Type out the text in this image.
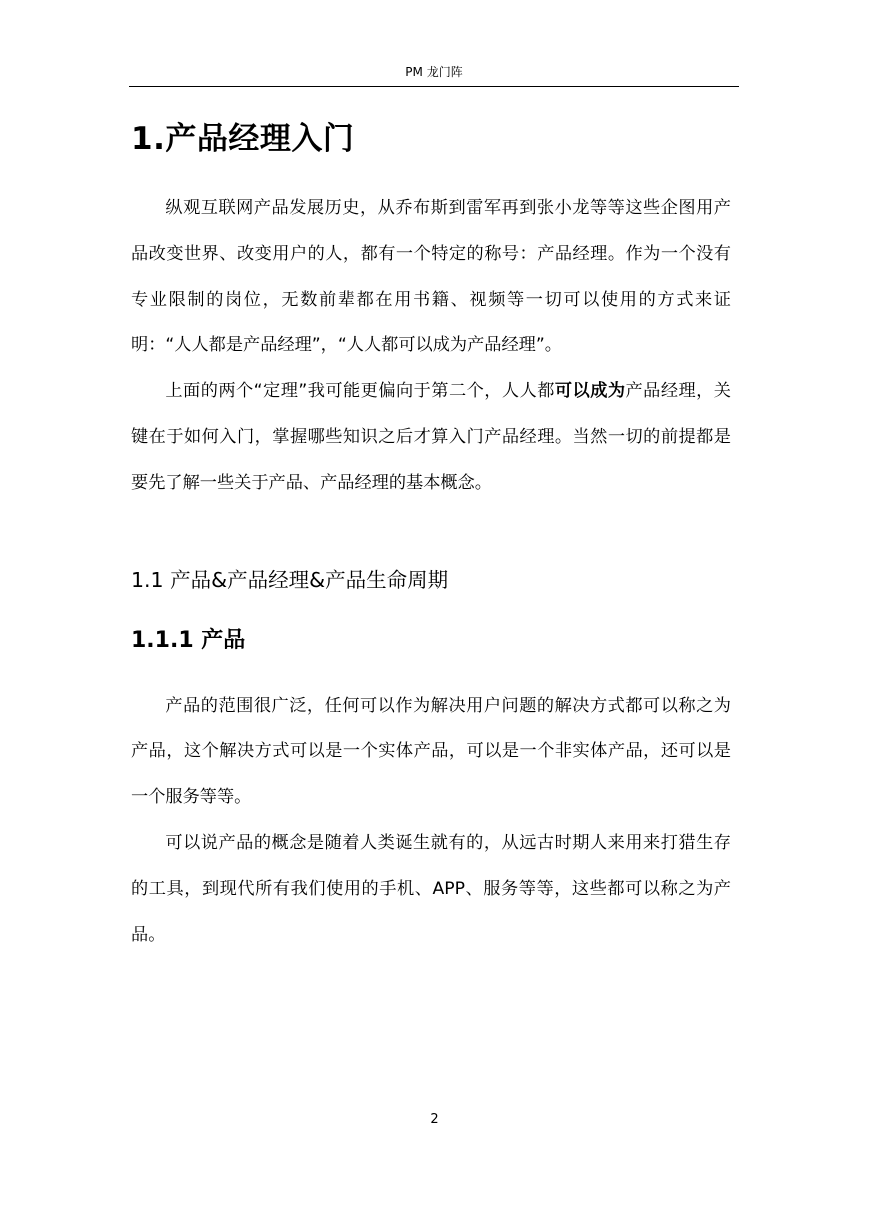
PM 龙门阵
1.产品经理入门

纵观互联网产品发展历史，从乔布斯到雷军再到张小龙等等这些企图用产品改变世界、改变用户的人，都有一个特定的称号：产品经理。作为一个没有专业限制的岗位，无数前辈都在用书籍、视频等一切可以使用的方式来证明：“人人都是产品经理”，“人人都可以成为产品经理”。

上面的两个“定理”我可能更偏向于第二个，人人都可以成为产品经理，关键在于如何入门，掌握哪些知识之后才算入门产品经理。当然一切的前提都是要先了解一些关于产品、产品经理的基本概念。

1.1 产品&产品经理&产品生命周期
1.1.1 产品

产品的范围很广泛，任何可以作为解决用户问题的解决方式都可以称之为产品，这个解决方式可以是一个实体产品，可以是一个非实体产品，还可以是一个服务等等。

可以说产品的概念是随着人类诞生就有的，从远古时期人来用来打猎生存的工具，到现代所有我们使用的手机、APP、服务等等，这些都可以称之为产品。

2
